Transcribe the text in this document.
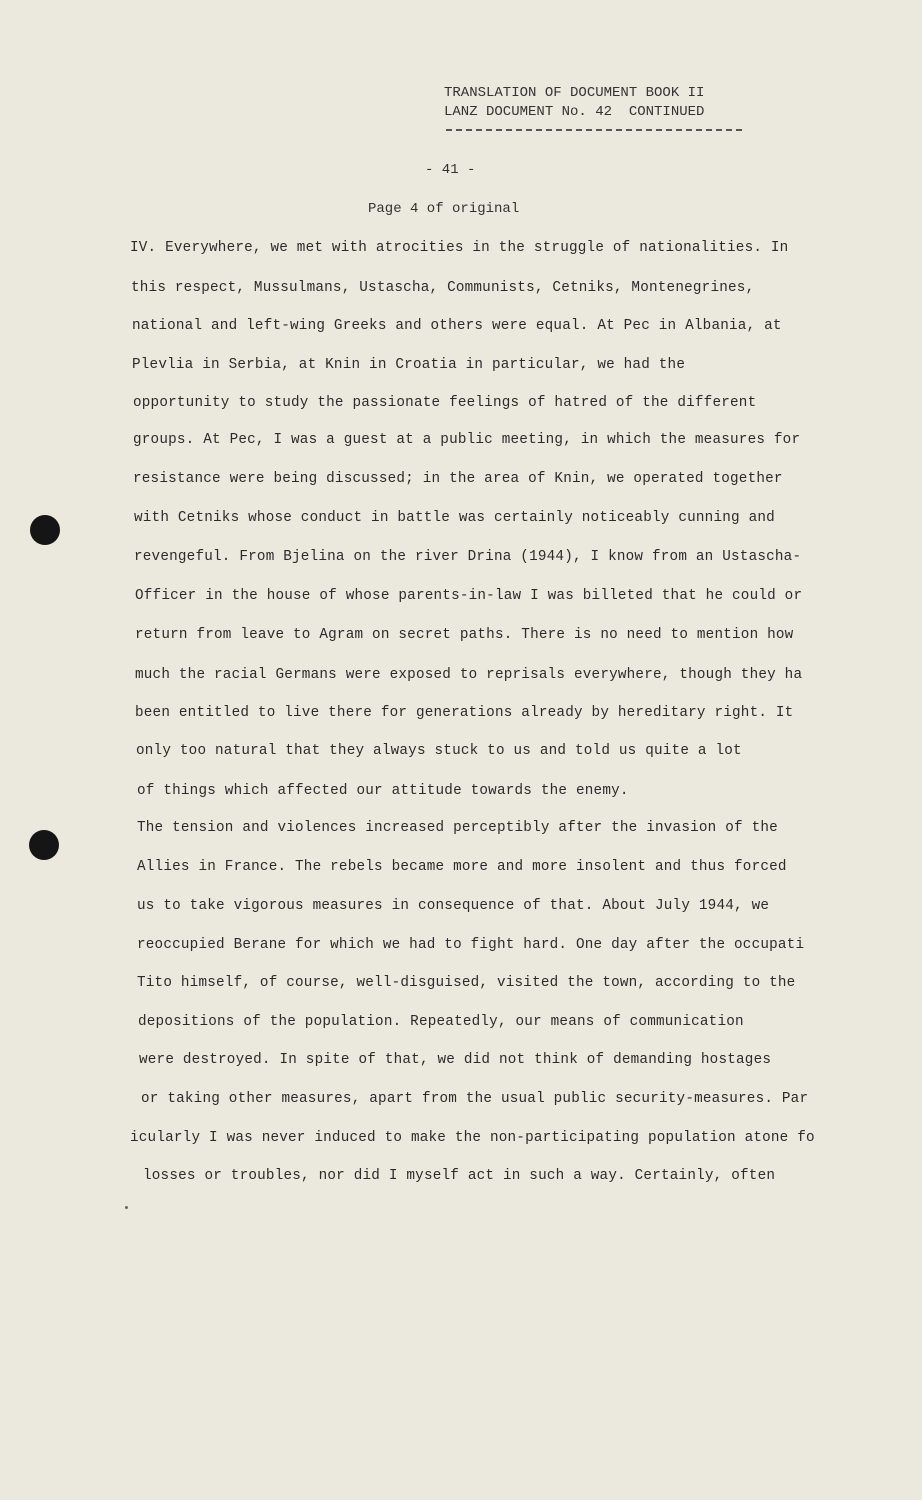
TRANSLATION OF DOCUMENT BOOK II
LANZ DOCUMENT No. 42  CONTINUED
- 41 -
Page 4 of original
IV. Everywhere, we met with atrocities in the struggle of nationalities. In
this respect, Mussulmans, Ustascha, Communists, Cetniks, Montenegrines,
national and left-wing Greeks and others were equal. At Pec in Albania, at
Plevlia in Serbia, at Knin in Croatia in particular, we had the
opportunity to study the passionate feelings of hatred of the different
groups. At Pec, I was a guest at a public meeting, in which the measures for
resistance were being discussed; in the area of Knin, we operated together
with Cetniks whose conduct in battle was certainly noticeably cunning and
revengeful. From Bjelina on the river Drina (1944), I know from an Ustascha-
Officer in the house of whose parents-in-law I was billeted that he could or
return from leave to Agram on secret paths. There is no need to mention how
much the racial Germans were exposed to reprisals everywhere, though they ha
been entitled to live there for generations already by hereditary right. It
only too natural that they always stuck to us and told us quite a lot
of things which affected our attitude towards the enemy.
The tension and violences increased perceptibly after the invasion of the
Allies in France. The rebels became more and more insolent and thus forced
us to take vigorous measures in consequence of that. About July 1944, we
reoccupied Berane for which we had to fight hard. One day after the occupati
Tito himself, of course, well-disguised, visited the town, according to the
depositions of the population. Repeatedly, our means of communication
were destroyed. In spite of that, we did not think of demanding hostages
or taking other measures, apart from the usual public security-measures. Par
icularly I was never induced to make the non-participating population atone fo
losses or troubles, nor did I myself act in such a way. Certainly, often
